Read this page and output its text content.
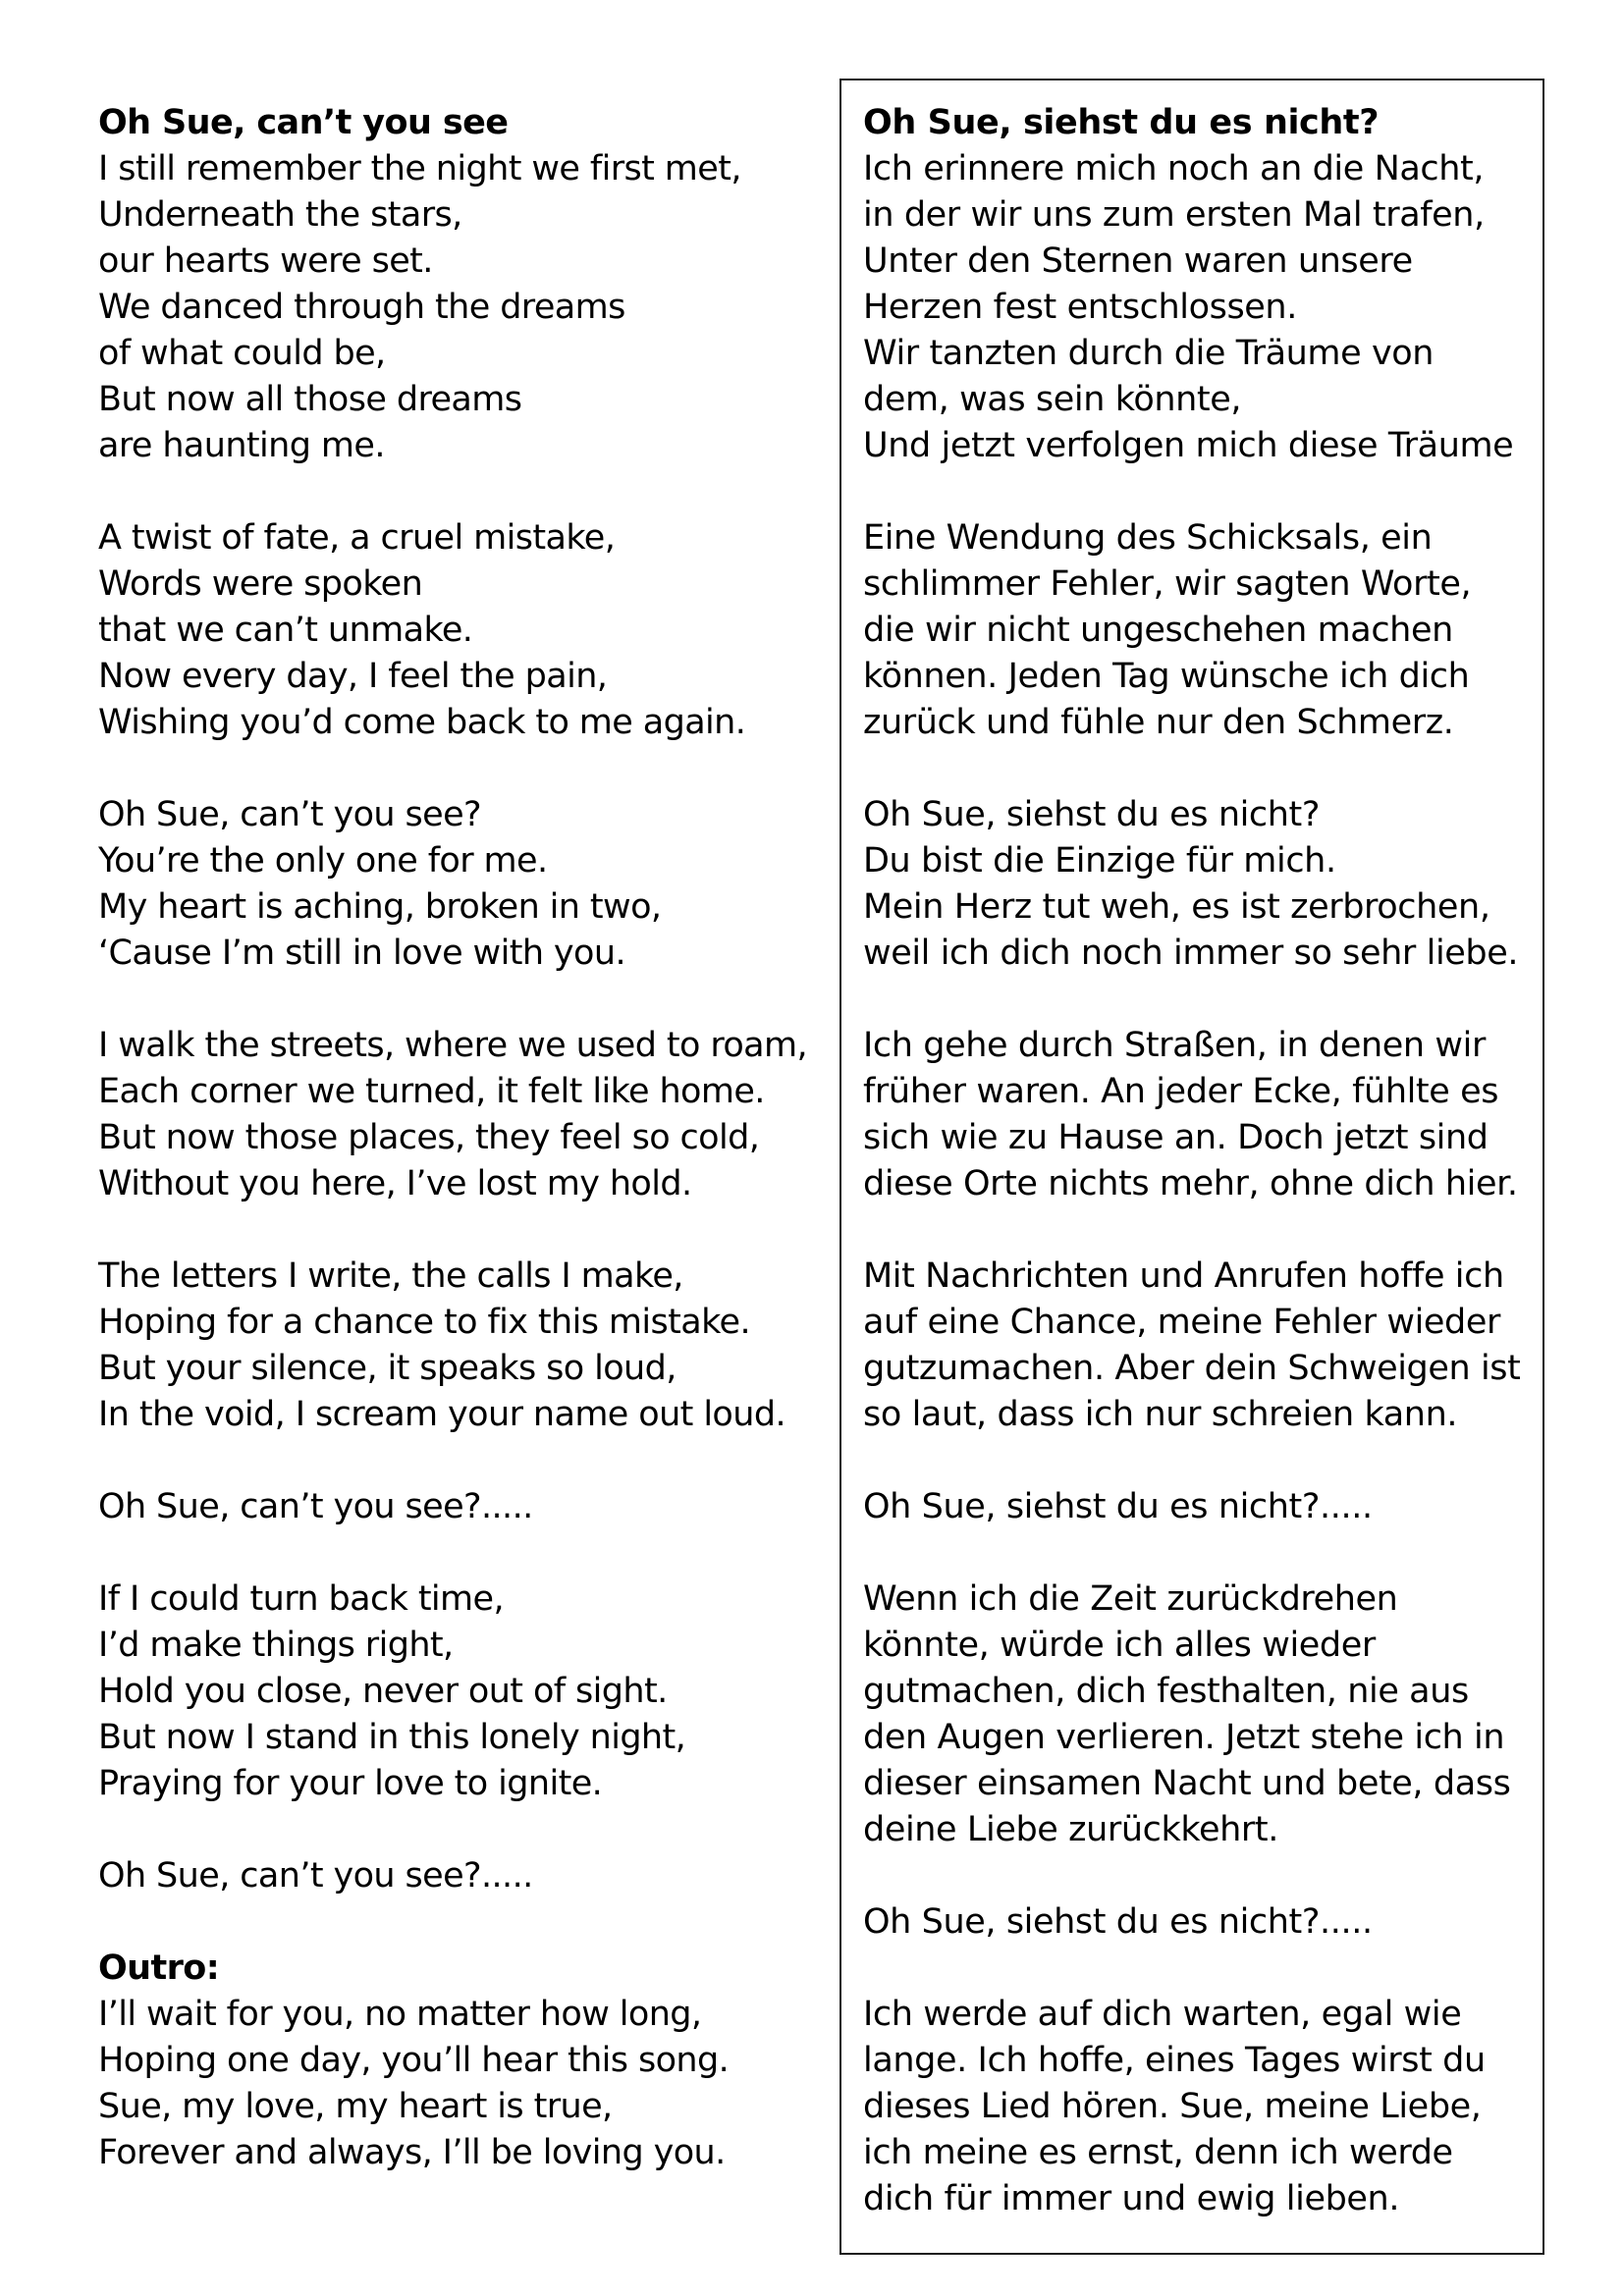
Oh Sue, can’t you see
I still remember the night we first met,
Underneath the stars,
our hearts were set.
We danced through the dreams
of what could be,
But now all those dreams
are haunting me.
A twist of fate, a cruel mistake,
Words were spoken
that we can’t unmake.
Now every day, I feel the pain,
Wishing you’d come back to me again.
Oh Sue, can’t you see?
You’re the only one for me.
My heart is aching, broken in two,
‘Cause I’m still in love with you.
I walk the streets, where we used to roam,
Each corner we turned, it felt like home.
But now those places, they feel so cold,
Without you here, I’ve lost my hold.
The letters I write, the calls I make,
Hoping for a chance to fix this mistake.
But your silence, it speaks so loud,
In the void, I scream your name out loud.
Oh Sue, can’t you see?.....
If I could turn back time,
I’d make things right,
Hold you close, never out of sight.
But now I stand in this lonely night,
Praying for your love to ignite.
Oh Sue, can’t you see?.....
Outro:
I’ll wait for you, no matter how long,
Hoping one day, you’ll hear this song.
Sue, my love, my heart is true,
Forever and always, I’ll be loving you.
Oh Sue, siehst du es nicht?
Ich erinnere mich noch an die Nacht,
in der wir uns zum ersten Mal trafen,
Unter den Sternen waren unsere
Herzen fest entschlossen.
Wir tanzten durch die Träume von
dem, was sein könnte,
Und jetzt verfolgen mich diese Träume
Eine Wendung des Schicksals, ein
schlimmer Fehler, wir sagten Worte,
die wir nicht ungeschehen machen
können. Jeden Tag wünsche ich dich
zurück und fühle nur den Schmerz.
Oh Sue, siehst du es nicht?
Du bist die Einzige für mich.
Mein Herz tut weh, es ist zerbrochen,
weil ich dich noch immer so sehr liebe.
Ich gehe durch Straßen, in denen wir
früher waren. An jeder Ecke, fühlte es
sich wie zu Hause an. Doch jetzt sind
diese Orte nichts mehr, ohne dich hier.
Mit Nachrichten und Anrufen hoffe ich
auf eine Chance, meine Fehler wieder
gutzumachen. Aber dein Schweigen ist
so laut, dass ich nur schreien kann.
Oh Sue, siehst du es nicht?.....
Wenn ich die Zeit zurückdrehen
könnte, würde ich alles wieder
gutmachen, dich festhalten, nie aus
den Augen verlieren. Jetzt stehe ich in
dieser einsamen Nacht und bete, dass
deine Liebe zurückkehrt.
Oh Sue, siehst du es nicht?.....
Ich werde auf dich warten, egal wie
lange. Ich hoffe, eines Tages wirst du
dieses Lied hören. Sue, meine Liebe,
ich meine es ernst, denn ich werde
dich für immer und ewig lieben.
